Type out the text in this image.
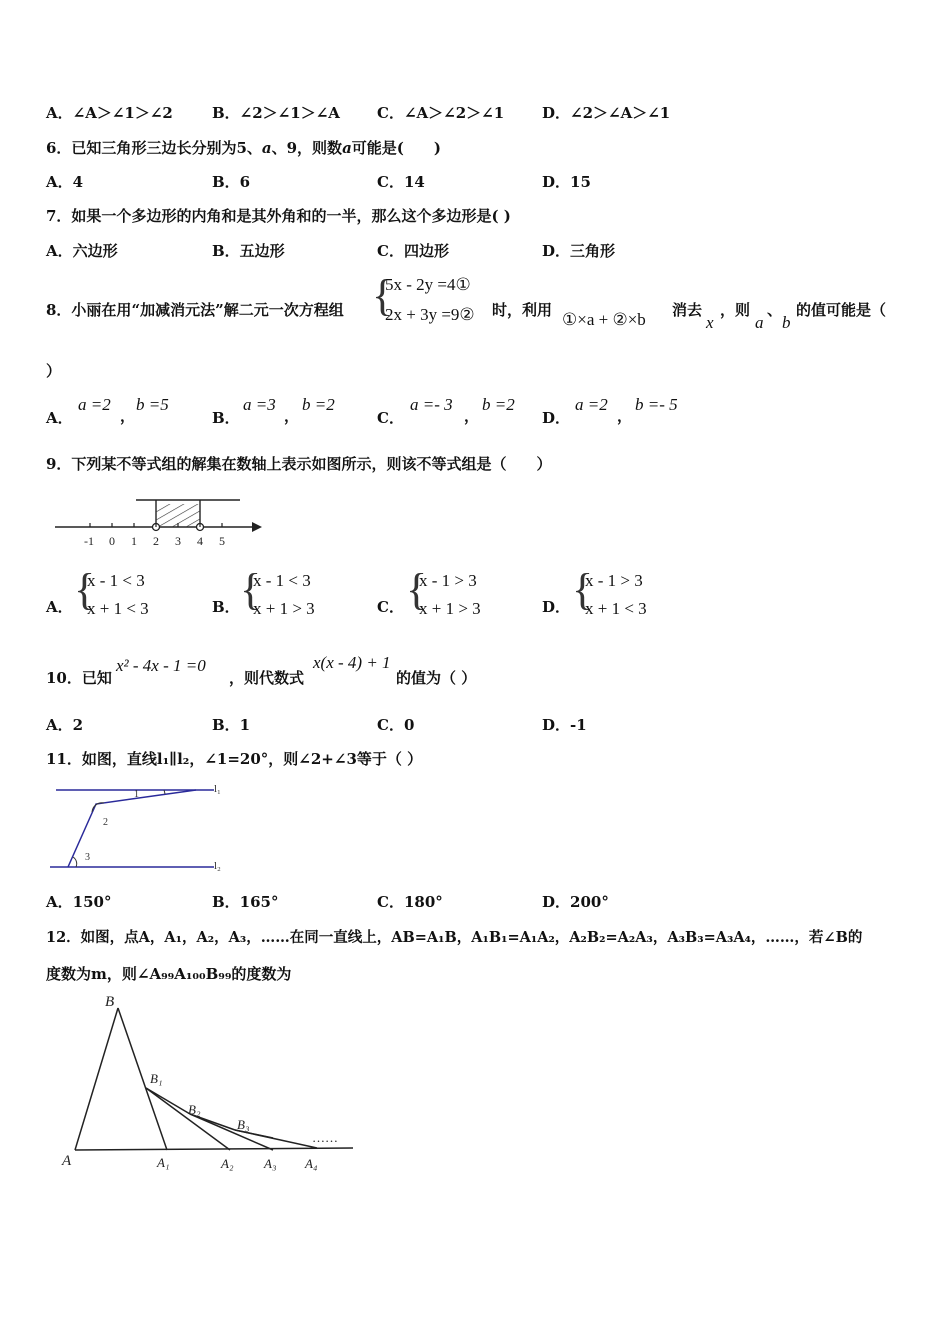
A．∠A＞∠1＞∠2	B．∠2＞∠1＞∠A C．∠A＞∠2＞∠1	D．∠2＞∠A＞∠1
6．已知三角形三边长分别为5、a、9，则数a可能是(　　)
A．4	B．6	C．14	D．15
7．如果一个多边形的内角和是其外角和的一半，那么这个多边形是( )
A．六边形	B．五边形	C．四边形	D．三角形
8．小丽在用“加减消元法”解二元一次方程组 {
5x - 2y =4①
2x + 3y =9② 时，利用 ①×a + ②×b 消去
x
，则
a
、
b
的值可能是（
）
A．
a =2
，
b =5
B．
a =3
，
b =2
C．
a =- 3
，
b =2
D．
a =2
，
b =- 5
9．下列某不等式组的解集在数轴上表示如图所示，则该不等式组是（　　）
-1 0 1 2 3 4 5
A． {
x - 1 < 3
x + 1 < 3	B． {
x - 1 < 3
x + 1 > 3	C． {
x - 1 > 3
x + 1 > 3	D． {
x - 1 > 3
x + 1 < 3
10．已知
x² - 4x - 1 =0
，则代数式
x(x - 4) + 1
的值为（ ）
A．2	B．1	C．0	D．-1
11．如图，直线l₁∥l₂，∠1=20°，则∠2+∠3等于（ ）
l₁
l₂
1
2
3
A．150°	B．165°	C．180°	D．200°
12．如图，点A，A₁，A₂，A₃，……在同一直线上，AB=A₁B，A₁B₁=A₁A₂，A₂B₂=A₂A₃，A₃B₃=A₃A₄，……，若∠B的
度数为m，则∠A₉₉A₁₀₀B₉₉的度数为
B
B₁
B₂
B₃
……
A	A₁	A₂ A₃ A₄
